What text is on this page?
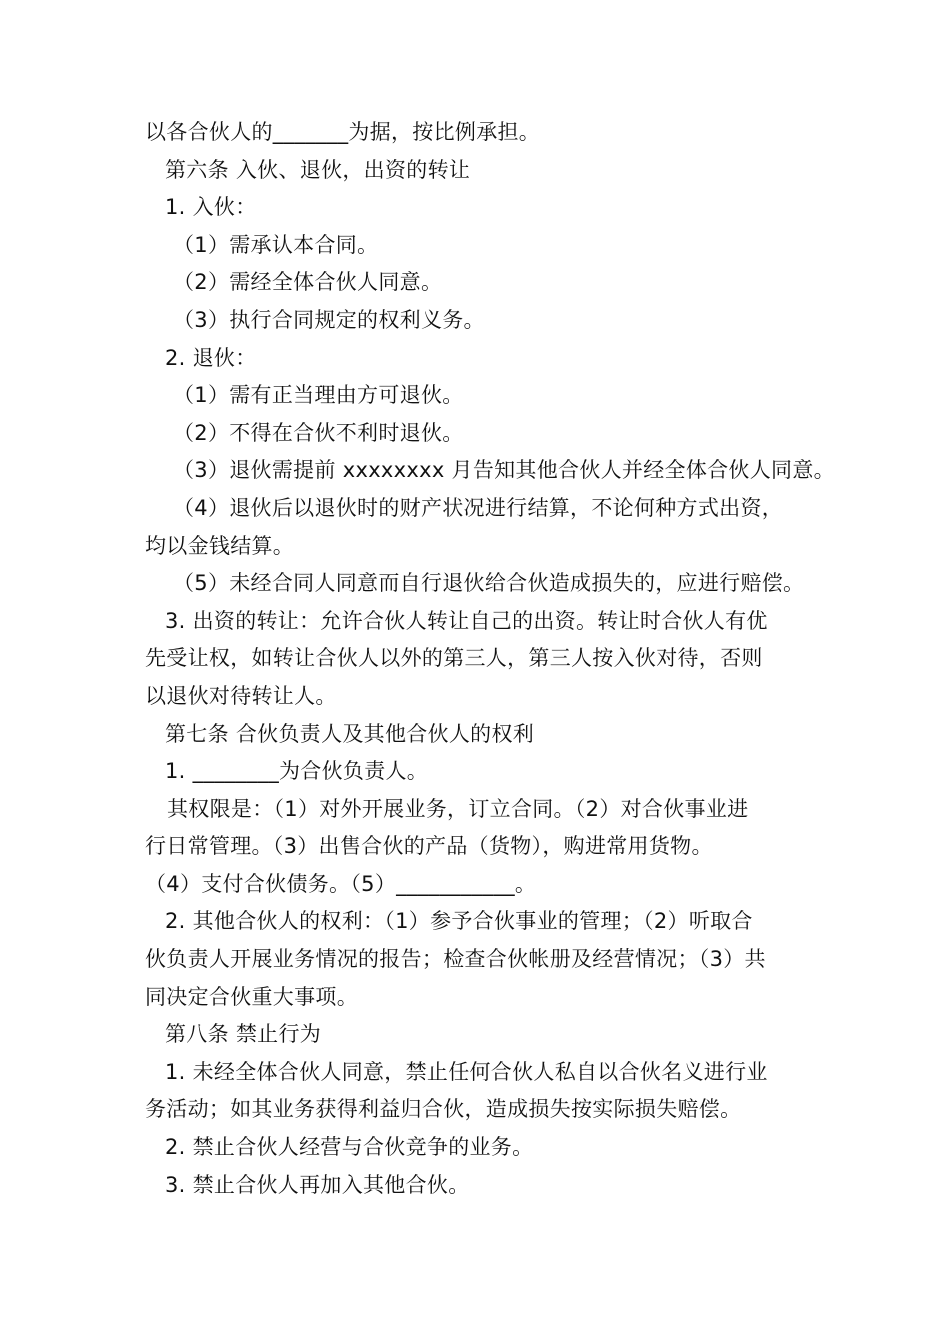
以各合伙人的_______为据，按比例承担。

第六条 入伙、退伙，出资的转让

1. 入伙：

（1）需承认本合同。

（2）需经全体合伙人同意。

（3）执行合同规定的权利义务。

2. 退伙：

（1）需有正当理由方可退伙。

（2）不得在合伙不利时退伙。

（3）退伙需提前 xxxxxxxx 月告知其他合伙人并经全体合伙人同意。

（4）退伙后以退伙时的财产状况进行结算，不论何种方式出资，

均以金钱结算。

（5）未经合同人同意而自行退伙给合伙造成损失的，应进行赔偿。

3. 出资的转让：允许合伙人转让自己的出资。转让时合伙人有优

先受让权，如转让合伙人以外的第三人，第三人按入伙对待，否则

以退伙对待转让人。

第七条 合伙负责人及其他合伙人的权利

1. ________为合伙负责人。

其权限是：（1）对外开展业务，订立合同。（2）对合伙事业进

行日常管理。（3）出售合伙的产品（货物），购进常用货物。

（4）支付合伙债务。（5）___________。

2. 其他合伙人的权利：（1）参予合伙事业的管理；（2）听取合

伙负责人开展业务情况的报告；检查合伙帐册及经营情况；（3）共

同决定合伙重大事项。

第八条 禁止行为

1. 未经全体合伙人同意，禁止任何合伙人私自以合伙名义进行业

务活动；如其业务获得利益归合伙，造成损失按实际损失赔偿。

2. 禁止合伙人经营与合伙竞争的业务。

3. 禁止合伙人再加入其他合伙。
